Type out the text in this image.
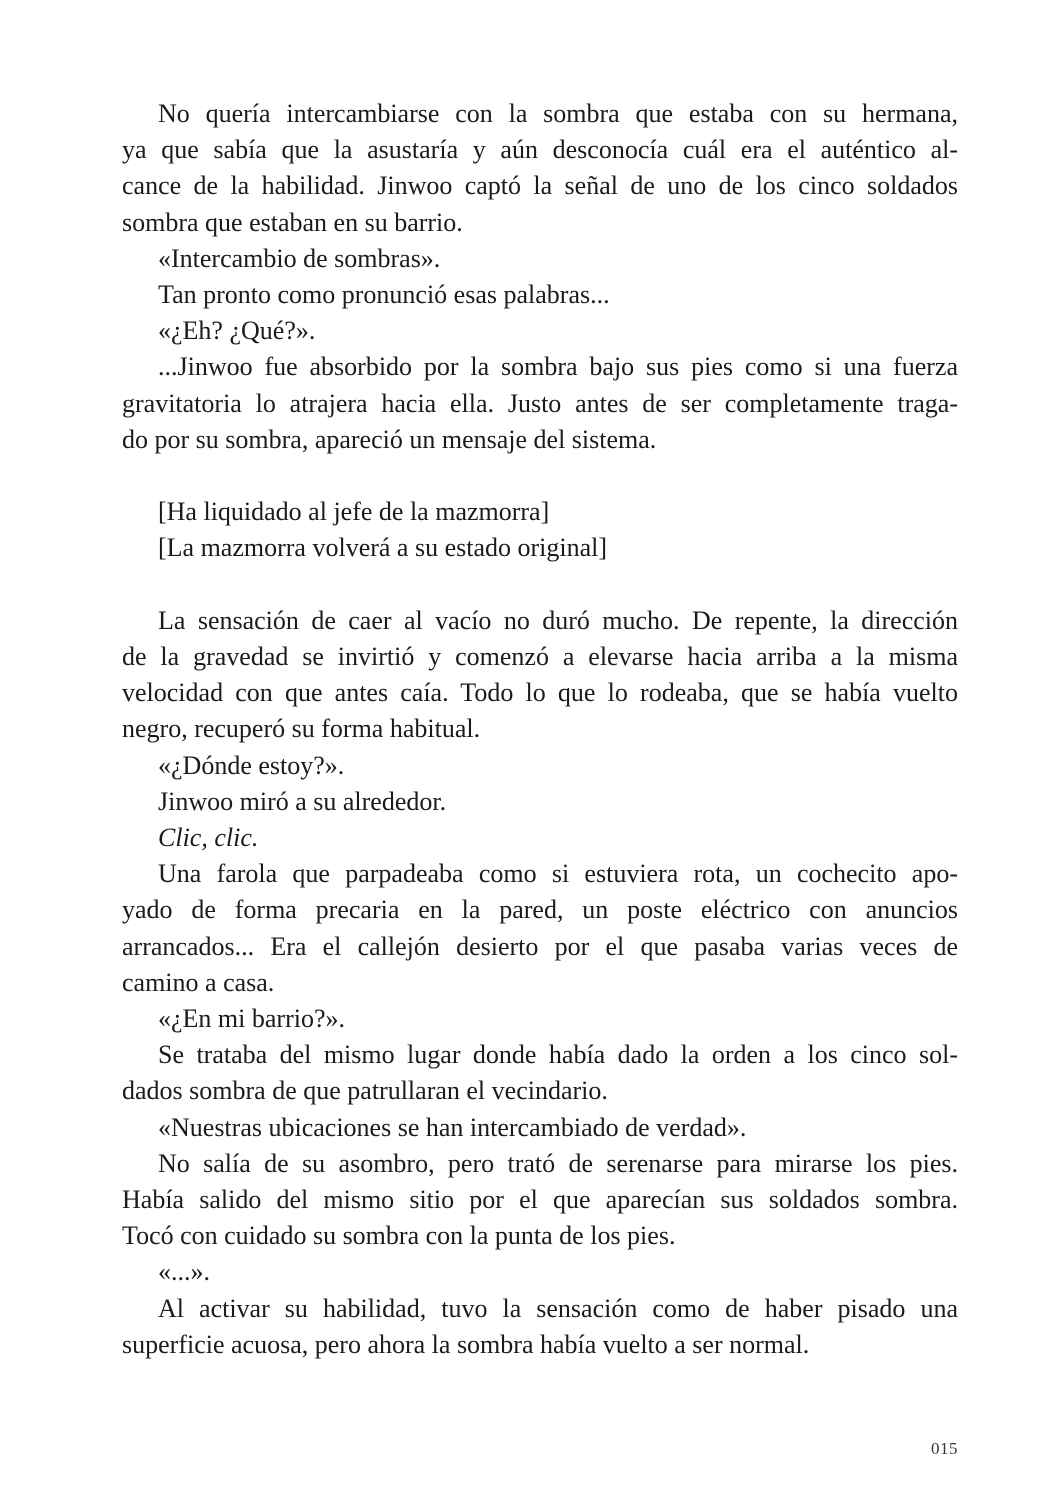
No quería intercambiarse con la sombra que estaba con su hermana,
ya que sabía que la asustaría y aún desconocía cuál era el auténtico al-
cance de la habilidad. Jinwoo captó la señal de uno de los cinco soldados
sombra que estaban en su barrio.
«Intercambio de sombras».
Tan pronto como pronunció esas palabras...
«¿Eh? ¿Qué?».
...Jinwoo fue absorbido por la sombra bajo sus pies como si una fuerza
gravitatoria lo atrajera hacia ella. Justo antes de ser completamente traga-
do por su sombra, apareció un mensaje del sistema.
[Ha liquidado al jefe de la mazmorra]
[La mazmorra volverá a su estado original]
La sensación de caer al vacío no duró mucho. De repente, la dirección
de la gravedad se invirtió y comenzó a elevarse hacia arriba a la misma
velocidad con que antes caía. Todo lo que lo rodeaba, que se había vuelto
negro, recuperó su forma habitual.
«¿Dónde estoy?».
Jinwoo miró a su alrededor.
Clic, clic.
Una farola que parpadeaba como si estuviera rota, un cochecito apo-
yado de forma precaria en la pared, un poste eléctrico con anuncios
arrancados... Era el callejón desierto por el que pasaba varias veces de
camino a casa.
«¿En mi barrio?».
Se trataba del mismo lugar donde había dado la orden a los cinco sol-
dados sombra de que patrullaran el vecindario.
«Nuestras ubicaciones se han intercambiado de verdad».
No salía de su asombro, pero trató de serenarse para mirarse los pies.
Había salido del mismo sitio por el que aparecían sus soldados sombra.
Tocó con cuidado su sombra con la punta de los pies.
«...».
Al activar su habilidad, tuvo la sensación como de haber pisado una
superficie acuosa, pero ahora la sombra había vuelto a ser normal.
015
